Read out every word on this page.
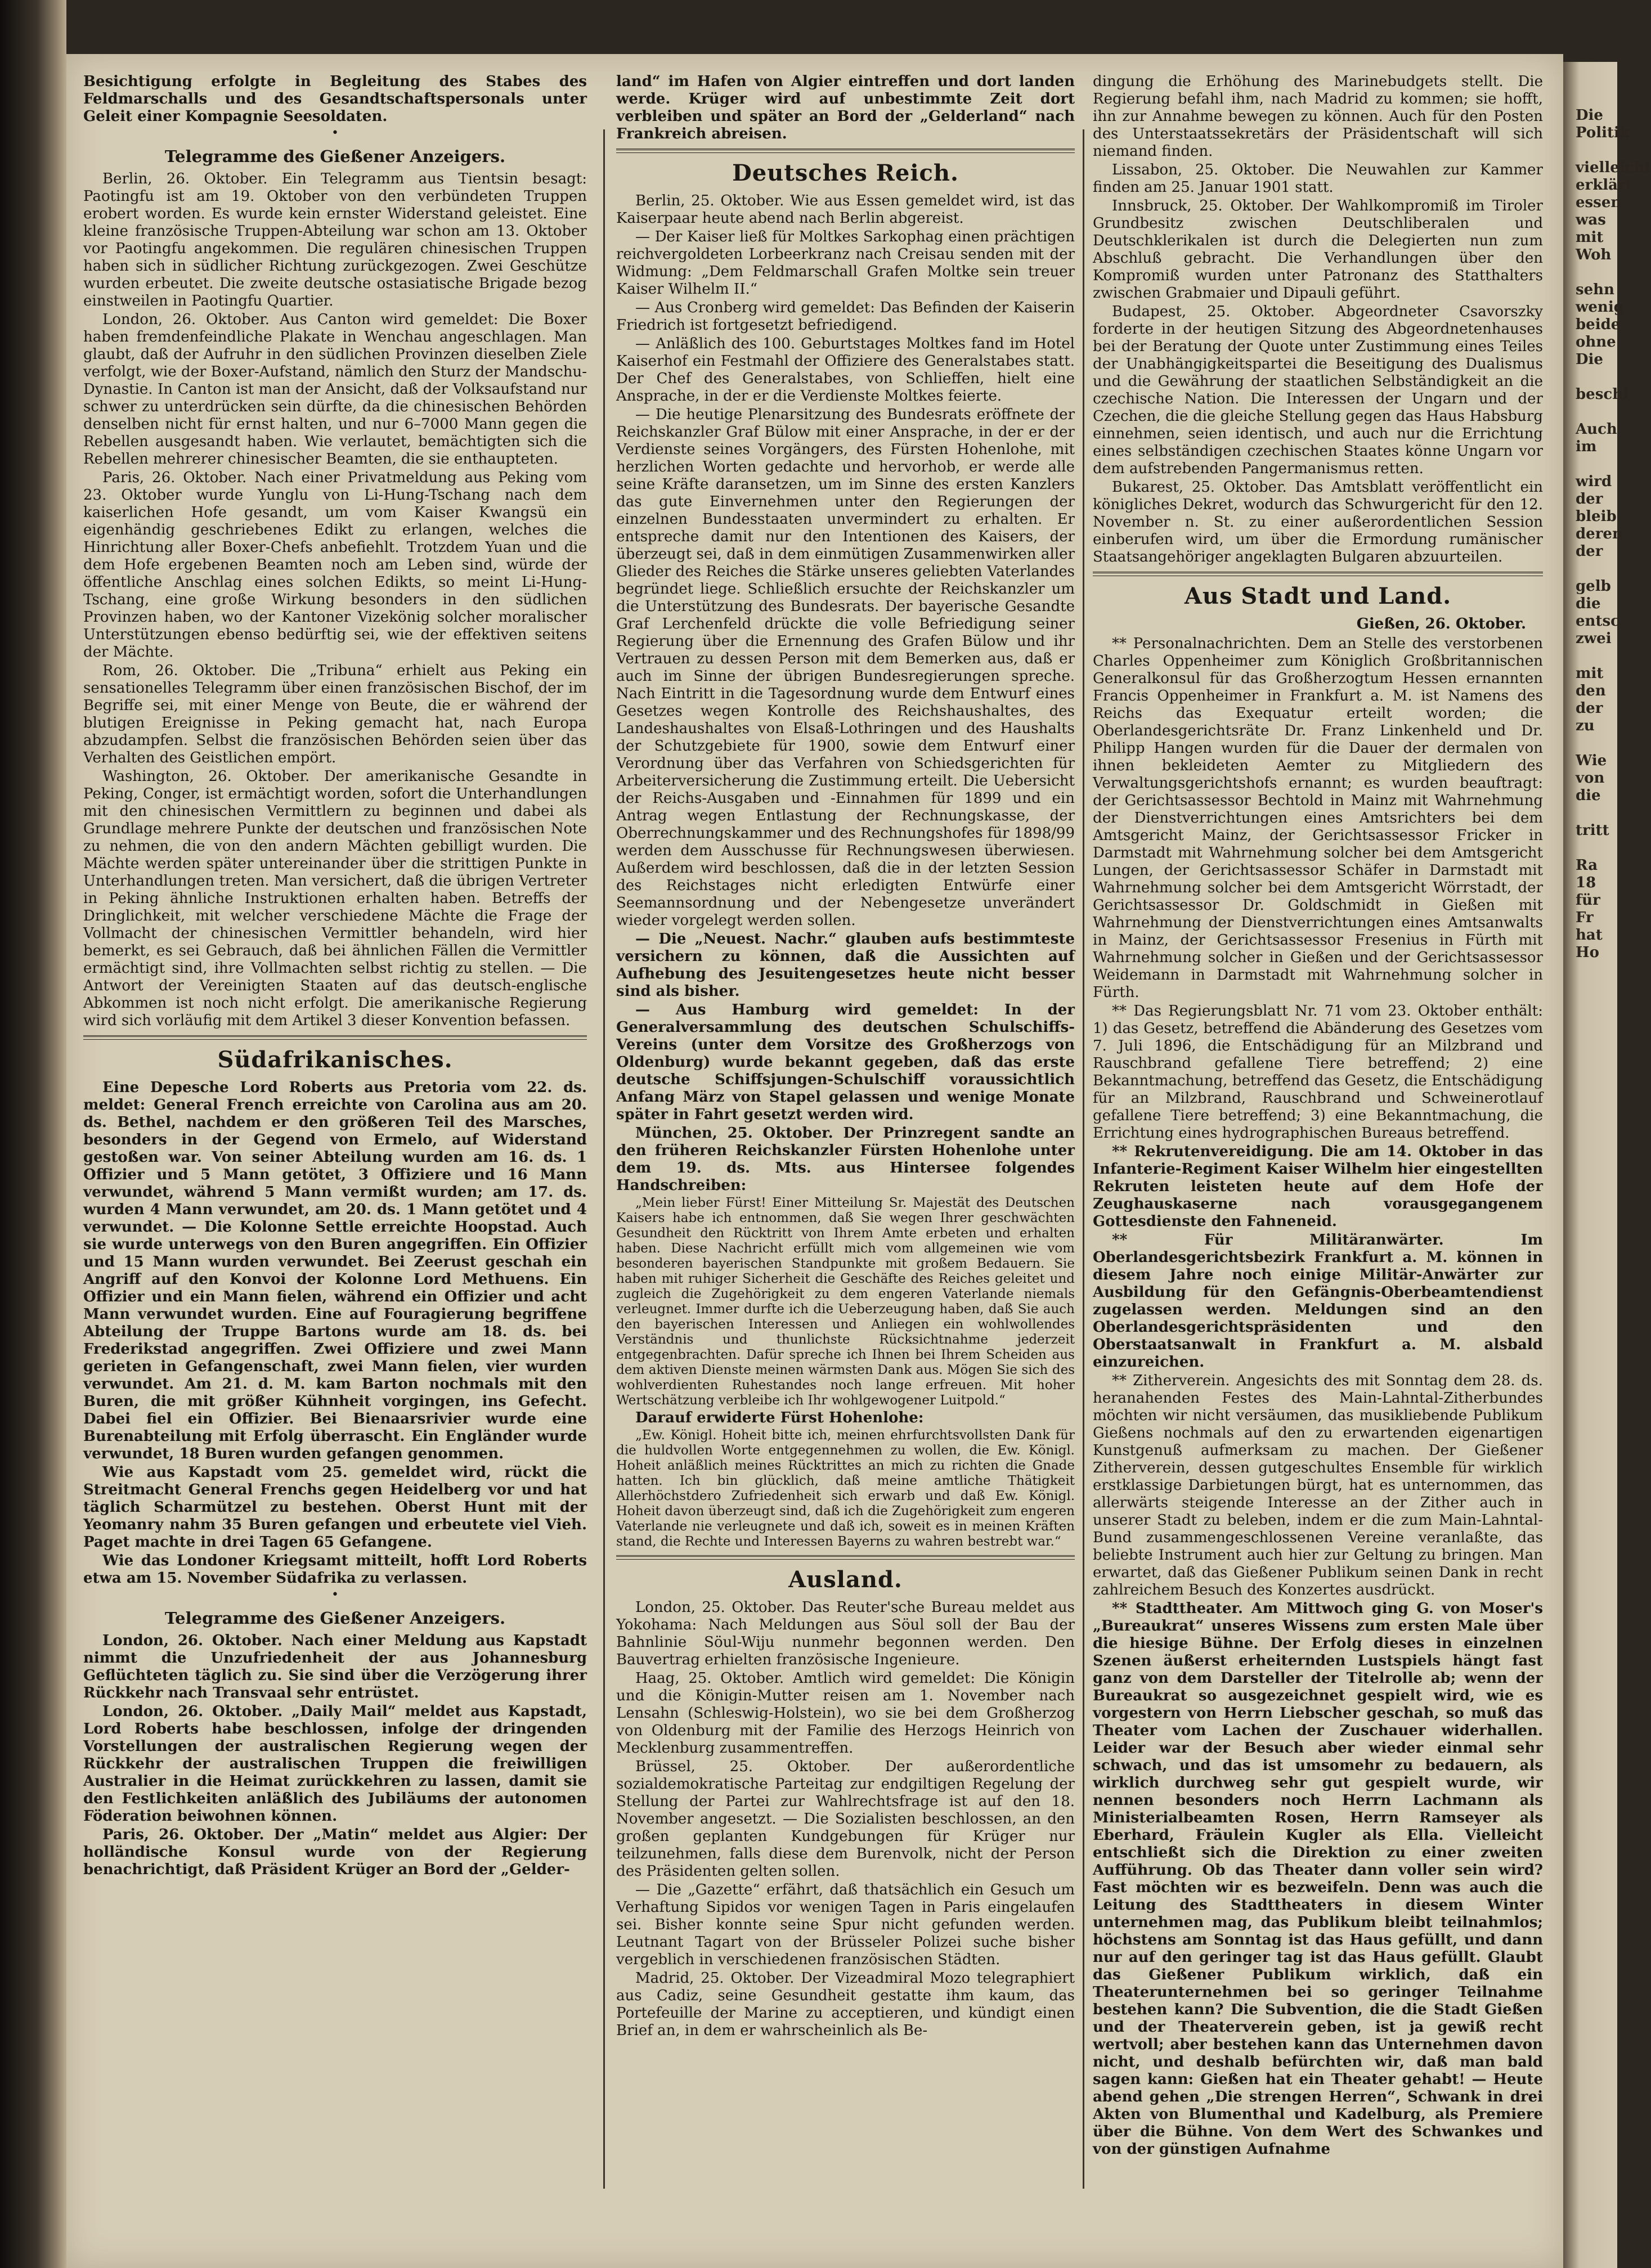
Die
Politik

vielleicht
erklärt
essen
was
mit
Woh

sehn
wenig
beide
ohne
Die

beschl

Auch
im

wird
der
bleib
deren
der

gelb
die
entsc
zwei

mit
den
der
zu

Wie
von
die

tritt

Ra
18
für
Fr
hat
Ho

Besichtigung erfolgte in Begleitung des Stabes des Feldmarschalls und des Gesandtschaftspersonals unter Geleit einer Kompagnie Seesoldaten.

•
Telegramme des Gießener Anzeigers.

Berlin, 26. Oktober. Ein Telegramm aus Tientsin besagt: Paotingfu ist am 19. Oktober von den verbündeten Truppen erobert worden. Es wurde kein ernster Widerstand geleistet. Eine kleine französische Truppen-Abteilung war schon am 13. Oktober vor Paotingfu angekommen. Die regulären chinesischen Truppen haben sich in südlicher Richtung zurückgezogen. Zwei Geschütze wurden erbeutet. Die zweite deutsche ostasiatische Brigade bezog einstweilen in Paotingfu Quartier.

London, 26. Oktober. Aus Canton wird gemeldet: Die Boxer haben fremdenfeindliche Plakate in Wenchau angeschlagen. Man glaubt, daß der Aufruhr in den südlichen Provinzen dieselben Ziele verfolgt, wie der Boxer-Aufstand, nämlich den Sturz der Mandschu-Dynastie. In Canton ist man der Ansicht, daß der Volksaufstand nur schwer zu unterdrücken sein dürfte, da die chinesischen Behörden denselben nicht für ernst halten, und nur 6–7000 Mann gegen die Rebellen ausgesandt haben. Wie verlautet, bemächtigten sich die Rebellen mehrerer chinesischer Beamten, die sie enthaupteten.

Paris, 26. Oktober. Nach einer Privatmeldung aus Peking vom 23. Oktober wurde Yunglu von Li-Hung-Tschang nach dem kaiserlichen Hofe gesandt, um vom Kaiser Kwangsü ein eigenhändig geschriebenes Edikt zu erlangen, welches die Hinrichtung aller Boxer-Chefs anbefiehlt. Trotzdem Yuan und die dem Hofe ergebenen Beamten noch am Leben sind, würde der öffentliche Anschlag eines solchen Edikts, so meint Li-Hung-Tschang, eine große Wirkung besonders in den südlichen Provinzen haben, wo der Kantoner Vizekönig solcher moralischer Unterstützungen ebenso bedürftig sei, wie der effektiven seitens der Mächte.

Rom, 26. Oktober. Die „Tribuna“ erhielt aus Peking ein sensationelles Telegramm über einen französischen Bischof, der im Begriffe sei, mit einer Menge von Beute, die er während der blutigen Ereignisse in Peking gemacht hat, nach Europa abzudampfen. Selbst die französischen Behörden seien über das Verhalten des Geistlichen empört.

Washington, 26. Oktober. Der amerikanische Gesandte in Peking, Conger, ist ermächtigt worden, sofort die Unterhandlungen mit den chinesischen Vermittlern zu beginnen und dabei als Grundlage mehrere Punkte der deutschen und französischen Note zu nehmen, die von den andern Mächten gebilligt wurden. Die Mächte werden später untereinander über die strittigen Punkte in Unterhandlungen treten. Man versichert, daß die übrigen Vertreter in Peking ähnliche Instruktionen erhalten haben. Betreffs der Dringlichkeit, mit welcher verschiedene Mächte die Frage der Vollmacht der chinesischen Vermittler behandeln, wird hier bemerkt, es sei Gebrauch, daß bei ähnlichen Fällen die Vermittler ermächtigt sind, ihre Vollmachten selbst richtig zu stellen. — Die Antwort der Vereinigten Staaten auf das deutsch-englische Abkommen ist noch nicht erfolgt. Die amerikanische Regierung wird sich vorläufig mit dem Artikel 3 dieser Konvention befassen.

Südafrikanisches.

Eine Depesche Lord Roberts aus Pretoria vom 22. ds. meldet: General French erreichte von Carolina aus am 20. ds. Bethel, nachdem er den größeren Teil des Marsches, besonders in der Gegend von Ermelo, auf Widerstand gestoßen war. Von seiner Abteilung wurden am 16. ds. 1 Offizier und 5 Mann getötet, 3 Offiziere und 16 Mann verwundet, während 5 Mann vermißt wurden; am 17. ds. wurden 4 Mann verwundet, am 20. ds. 1 Mann getötet und 4 verwundet. — Die Kolonne Settle erreichte Hoopstad. Auch sie wurde unterwegs von den Buren angegriffen. Ein Offizier und 15 Mann wurden verwundet. Bei Zeerust geschah ein Angriff auf den Konvoi der Kolonne Lord Methuens. Ein Offizier und ein Mann fielen, während ein Offizier und acht Mann verwundet wurden. Eine auf Fouragierung begriffene Abteilung der Truppe Bartons wurde am 18. ds. bei Frederikstad angegriffen. Zwei Offiziere und zwei Mann gerieten in Gefangenschaft, zwei Mann fielen, vier wurden verwundet. Am 21. d. M. kam Barton nochmals mit den Buren, die mit größer Kühnheit vorgingen, ins Gefecht. Dabei fiel ein Offizier. Bei Bienaarsrivier wurde eine Burenabteilung mit Erfolg überrascht. Ein Engländer wurde verwundet, 18 Buren wurden gefangen genommen.

Wie aus Kapstadt vom 25. gemeldet wird, rückt die Streitmacht General Frenchs gegen Heidelberg vor und hat täglich Scharmützel zu bestehen. Oberst Hunt mit der Yeomanry nahm 35 Buren gefangen und erbeutete viel Vieh. Paget machte in drei Tagen 65 Gefangene.

Wie das Londoner Kriegsamt mitteilt, hofft Lord Roberts etwa am 15. November Südafrika zu verlassen.

•
Telegramme des Gießener Anzeigers.

London, 26. Oktober. Nach einer Meldung aus Kapstadt nimmt die Unzufriedenheit der aus Johannesburg Geflüchteten täglich zu. Sie sind über die Verzögerung ihrer Rückkehr nach Transvaal sehr entrüstet.

London, 26. Oktober. „Daily Mail“ meldet aus Kapstadt, Lord Roberts habe beschlossen, infolge der dringenden Vorstellungen der australischen Regierung wegen der Rückkehr der australischen Truppen die freiwilligen Australier in die Heimat zurückkehren zu lassen, damit sie den Festlichkeiten anläßlich des Jubiläums der autonomen Föderation beiwohnen können.

Paris, 26. Oktober. Der „Matin“ meldet aus Algier: Der holländische Konsul wurde von der Regierung benachrichtigt, daß Präsident Krüger an Bord der „Gelder-

land“ im Hafen von Algier eintreffen und dort landen werde. Krüger wird auf unbestimmte Zeit dort verbleiben und später an Bord der „Gelderland“ nach Frankreich abreisen.

Deutsches Reich.

Berlin, 25. Oktober. Wie aus Essen gemeldet wird, ist das Kaiserpaar heute abend nach Berlin abgereist.

— Der Kaiser ließ für Moltkes Sarkophag einen prächtigen reichvergoldeten Lorbeerkranz nach Creisau senden mit der Widmung: „Dem Feldmarschall Grafen Moltke sein treuer Kaiser Wilhelm II.“

— Aus Cronberg wird gemeldet: Das Befinden der Kaiserin Friedrich ist fortgesetzt befriedigend.

— Anläßlich des 100. Geburtstages Moltkes fand im Hotel Kaiserhof ein Festmahl der Offiziere des Generalstabes statt. Der Chef des Generalstabes, von Schlieffen, hielt eine Ansprache, in der er die Verdienste Moltkes feierte.

— Die heutige Plenarsitzung des Bundesrats eröffnete der Reichskanzler Graf Bülow mit einer Ansprache, in der er der Verdienste seines Vorgängers, des Fürsten Hohenlohe, mit herzlichen Worten gedachte und hervorhob, er werde alle seine Kräfte daransetzen, um im Sinne des ersten Kanzlers das gute Einvernehmen unter den Regierungen der einzelnen Bundesstaaten unvermindert zu erhalten. Er entspreche damit nur den Intentionen des Kaisers, der überzeugt sei, daß in dem einmütigen Zusammenwirken aller Glieder des Reiches die Stärke unseres geliebten Vaterlandes begründet liege. Schließlich ersuchte der Reichskanzler um die Unterstützung des Bundesrats. Der bayerische Gesandte Graf Lerchenfeld drückte die volle Befriedigung seiner Regierung über die Ernennung des Grafen Bülow und ihr Vertrauen zu dessen Person mit dem Bemerken aus, daß er auch im Sinne der übrigen Bundesregierungen spreche. Nach Eintritt in die Tagesordnung wurde dem Entwurf eines Gesetzes wegen Kontrolle des Reichshaushaltes, des Landeshaushaltes von Elsaß-Lothringen und des Haushalts der Schutzgebiete für 1900, sowie dem Entwurf einer Verordnung über das Verfahren von Schiedsgerichten für Arbeiterversicherung die Zustimmung erteilt. Die Uebersicht der Reichs-Ausgaben und -Einnahmen für 1899 und ein Antrag wegen Entlastung der Rechnungskasse, der Oberrechnungskammer und des Rechnungshofes für 1898/99 werden dem Ausschusse für Rechnungswesen überwiesen. Außerdem wird beschlossen, daß die in der letzten Session des Reichstages nicht erledigten Entwürfe einer Seemannsordnung und der Nebengesetze unverändert wieder vorgelegt werden sollen.

— Die „Neuest. Nachr.“ glauben aufs bestimmteste versichern zu können, daß die Aussichten auf Aufhebung des Jesuitengesetzes heute nicht besser sind als bisher.

— Aus Hamburg wird gemeldet: In der Generalversammlung des deutschen Schulschiffs-Vereins (unter dem Vorsitze des Großherzogs von Oldenburg) wurde bekannt gegeben, daß das erste deutsche Schiffsjungen-Schulschiff voraussichtlich Anfang März von Stapel gelassen und wenige Monate später in Fahrt gesetzt werden wird.

München, 25. Oktober. Der Prinzregent sandte an den früheren Reichskanzler Fürsten Hohenlohe unter dem 19. ds. Mts. aus Hintersee folgendes Handschreiben:

„Mein lieber Fürst! Einer Mitteilung Sr. Majestät des Deutschen Kaisers habe ich entnommen, daß Sie wegen Ihrer geschwächten Gesundheit den Rücktritt von Ihrem Amte erbeten und erhalten haben. Diese Nachricht erfüllt mich vom allgemeinen wie vom besonderen bayerischen Standpunkte mit großem Bedauern. Sie haben mit ruhiger Sicherheit die Geschäfte des Reiches geleitet und zugleich die Zugehörigkeit zu dem engeren Vaterlande niemals verleugnet. Immer durfte ich die Ueberzeugung haben, daß Sie auch den bayerischen Interessen und Anliegen ein wohlwollendes Verständnis und thunlichste Rücksichtnahme jederzeit entgegenbrachten. Dafür spreche ich Ihnen bei Ihrem Scheiden aus dem aktiven Dienste meinen wärmsten Dank aus. Mögen Sie sich des wohlverdienten Ruhestandes noch lange erfreuen. Mit hoher Wertschätzung verbleibe ich Ihr wohlgewogener Luitpold.“

Darauf erwiderte Fürst Hohenlohe:

„Ew. Königl. Hoheit bitte ich, meinen ehrfurchtsvollsten Dank für die huldvollen Worte entgegennehmen zu wollen, die Ew. Königl. Hoheit anläßlich meines Rücktrittes an mich zu richten die Gnade hatten. Ich bin glücklich, daß meine amtliche Thätigkeit Allerhöchstdero Zufriedenheit sich erwarb und daß Ew. Königl. Hoheit davon überzeugt sind, daß ich die Zugehörigkeit zum engeren Vaterlande nie verleugnete und daß ich, soweit es in meinen Kräften stand, die Rechte und Interessen Bayerns zu wahren bestrebt war.“

Ausland.

London, 25. Oktober. Das Reuter'sche Bureau meldet aus Yokohama: Nach Meldungen aus Söul soll der Bau der Bahnlinie Söul-Wiju nunmehr begonnen werden. Den Bauvertrag erhielten französische Ingenieure.

Haag, 25. Oktober. Amtlich wird gemeldet: Die Königin und die Königin-Mutter reisen am 1. November nach Lensahn (Schleswig-Holstein), wo sie bei dem Großherzog von Oldenburg mit der Familie des Herzogs Heinrich von Mecklenburg zusammentreffen.

Brüssel, 25. Oktober. Der außerordentliche sozialdemokratische Parteitag zur endgiltigen Regelung der Stellung der Partei zur Wahlrechtsfrage ist auf den 18. November angesetzt. — Die Sozialisten beschlossen, an den großen geplanten Kundgebungen für Krüger nur teilzunehmen, falls diese dem Burenvolk, nicht der Person des Präsidenten gelten sollen.

— Die „Gazette“ erfährt, daß thatsächlich ein Gesuch um Verhaftung Sipidos vor wenigen Tagen in Paris eingelaufen sei. Bisher konnte seine Spur nicht gefunden werden. Leutnant Tagart von der Brüsseler Polizei suche bisher vergeblich in verschiedenen französischen Städten.

Madrid, 25. Oktober. Der Vizeadmiral Mozo telegraphiert aus Cadiz, seine Gesundheit gestatte ihm kaum, das Portefeuille der Marine zu acceptieren, und kündigt einen Brief an, in dem er wahrscheinlich als Be-

dingung die Erhöhung des Marinebudgets stellt. Die Regierung befahl ihm, nach Madrid zu kommen; sie hofft, ihn zur Annahme bewegen zu können. Auch für den Posten des Unterstaatssekretärs der Präsidentschaft will sich niemand finden.

Lissabon, 25. Oktober. Die Neuwahlen zur Kammer finden am 25. Januar 1901 statt.

Innsbruck, 25. Oktober. Der Wahlkompromiß im Tiroler Grundbesitz zwischen Deutschliberalen und Deutschklerikalen ist durch die Delegierten nun zum Abschluß gebracht. Die Verhandlungen über den Kompromiß wurden unter Patronanz des Statthalters zwischen Grabmaier und Dipauli geführt.

Budapest, 25. Oktober. Abgeordneter Csavorszky forderte in der heutigen Sitzung des Abgeordnetenhauses bei der Beratung der Quote unter Zustimmung eines Teiles der Unabhängigkeitspartei die Beseitigung des Dualismus und die Gewährung der staatlichen Selbständigkeit an die czechische Nation. Die Interessen der Ungarn und der Czechen, die die gleiche Stellung gegen das Haus Habsburg einnehmen, seien identisch, und auch nur die Errichtung eines selbständigen czechischen Staates könne Ungarn vor dem aufstrebenden Pangermanismus retten.

Bukarest, 25. Oktober. Das Amtsblatt veröffentlicht ein königliches Dekret, wodurch das Schwurgericht für den 12. November n. St. zu einer außerordentlichen Session einberufen wird, um über die Ermordung rumänischer Staatsangehöriger angeklagten Bulgaren abzuurteilen.

Aus Stadt und Land.
Gießen, 26. Oktober.

** Personalnachrichten. Dem an Stelle des verstorbenen Charles Oppenheimer zum Königlich Großbritannischen Generalkonsul für das Großherzogtum Hessen ernannten Francis Oppenheimer in Frankfurt a. M. ist Namens des Reichs das Exequatur erteilt worden; die Oberlandesgerichtsräte Dr. Franz Linkenheld und Dr. Philipp Hangen wurden für die Dauer der dermalen von ihnen bekleideten Aemter zu Mitgliedern des Verwaltungsgerichtshofs ernannt; es wurden beauftragt: der Gerichtsassessor Bechtold in Mainz mit Wahrnehmung der Dienstverrichtungen eines Amtsrichters bei dem Amtsgericht Mainz, der Gerichtsassessor Fricker in Darmstadt mit Wahrnehmung solcher bei dem Amtsgericht Lungen, der Gerichtsassessor Schäfer in Darmstadt mit Wahrnehmung solcher bei dem Amtsgericht Wörrstadt, der Gerichtsassessor Dr. Goldschmidt in Gießen mit Wahrnehmung der Dienstverrichtungen eines Amtsanwalts in Mainz, der Gerichtsassessor Fresenius in Fürth mit Wahrnehmung solcher in Gießen und der Gerichtsassessor Weidemann in Darmstadt mit Wahrnehmung solcher in Fürth.

** Das Regierungsblatt Nr. 71 vom 23. Oktober enthält: 1) das Gesetz, betreffend die Abänderung des Gesetzes vom 7. Juli 1896, die Entschädigung für an Milzbrand und Rauschbrand gefallene Tiere betreffend; 2) eine Bekanntmachung, betreffend das Gesetz, die Entschädigung für an Milzbrand, Rauschbrand und Schweinerotlauf gefallene Tiere betreffend; 3) eine Bekanntmachung, die Errichtung eines hydrographischen Bureaus betreffend.

** Rekrutenvereidigung. Die am 14. Oktober in das Infanterie-Regiment Kaiser Wilhelm hier eingestellten Rekruten leisteten heute auf dem Hofe der Zeughauskaserne nach vorausgegangenem Gottesdienste den Fahneneid.

** Für Militäranwärter. Im Oberlandesgerichtsbezirk Frankfurt a. M. können in diesem Jahre noch einige Militär-Anwärter zur Ausbildung für den Gefängnis-Oberbeamtendienst zugelassen werden. Meldungen sind an den Oberlandesgerichtspräsidenten und den Oberstaatsanwalt in Frankfurt a. M. alsbald einzureichen.

** Zitherverein. Angesichts des mit Sonntag dem 28. ds. heranahenden Festes des Main-Lahntal-Zitherbundes möchten wir nicht versäumen, das musikliebende Publikum Gießens nochmals auf den zu erwartenden eigenartigen Kunstgenuß aufmerksam zu machen. Der Gießener Zitherverein, dessen gutgeschultes Ensemble für wirklich erstklassige Darbietungen bürgt, hat es unternommen, das allerwärts steigende Interesse an der Zither auch in unserer Stadt zu beleben, indem er die zum Main-Lahntal-Bund zusammengeschlossenen Vereine veranlaßte, das beliebte Instrument auch hier zur Geltung zu bringen. Man erwartet, daß das Gießener Publikum seinen Dank in recht zahlreichem Besuch des Konzertes ausdrückt.

** Stadttheater. Am Mittwoch ging G. von Moser's „Bureaukrat“ unseres Wissens zum ersten Male über die hiesige Bühne. Der Erfolg dieses in einzelnen Szenen äußerst erheiternden Lustspiels hängt fast ganz von dem Darsteller der Titelrolle ab; wenn der Bureaukrat so ausgezeichnet gespielt wird, wie es vorgestern von Herrn Liebscher geschah, so muß das Theater vom Lachen der Zuschauer widerhallen. Leider war der Besuch aber wieder einmal sehr schwach, und das ist umsomehr zu bedauern, als wirklich durchweg sehr gut gespielt wurde, wir nennen besonders noch Herrn Lachmann als Ministerialbeamten Rosen, Herrn Ramseyer als Eberhard, Fräulein Kugler als Ella. Vielleicht entschließt sich die Direktion zu einer zweiten Aufführung. Ob das Theater dann voller sein wird? Fast möchten wir es bezweifeln. Denn was auch die Leitung des Stadttheaters in diesem Winter unternehmen mag, das Publikum bleibt teilnahmlos; höchstens am Sonntag ist das Haus gefüllt, und dann nur auf den geringer tag ist das Haus gefüllt. Glaubt das Gießener Publikum wirklich, daß ein Theaterunternehmen bei so geringer Teilnahme bestehen kann? Die Subvention, die die Stadt Gießen und der Theaterverein geben, ist ja gewiß recht wertvoll; aber bestehen kann das Unternehmen davon nicht, und deshalb befürchten wir, daß man bald sagen kann: Gießen hat ein Theater gehabt! — Heute abend gehen „Die strengen Herren“, Schwank in drei Akten von Blumenthal und Kadelburg, als Premiere über die Bühne. Von dem Wert des Schwankes und von der günstigen Aufnahme
